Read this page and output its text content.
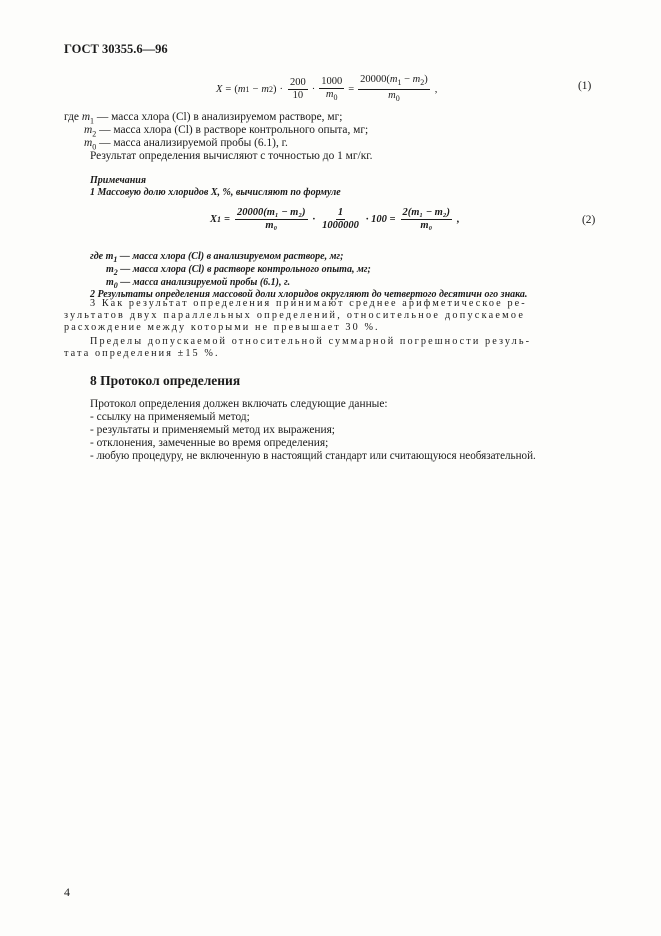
ГОСТ 30355.6—96
X = ( m 1 − m 2 ) · $\frac{200}{10} \cdot \frac{1000}{m_0} = \frac{20000(m_1 - m_2)}{m_0}$ ,	(1)
где $m_1$ — масса хлора (Cl) в анализируемом растворе, мг;
$m_2$ — масса хлора (Cl) в растворе контрольного опыта, мг;
$m_0$ — масса анализируемой пробы (6.1), г.
Результат определения вычисляют с точностью до 1 мг/кг.
Примечания
1 Массовую долю хлоридов X, %, вычисляют по формуле
X $1 = \frac{\text{20000(m₁ − m₂)}}{\text{m₀}} \cdot \frac{1}{1000000} \cdot 100 = \frac{\text{2(m₁ − m₂)}}{\text{m₀}}$ ,	(2)
где $m_1$ — масса хлора (Cl) в анализируемом растворе, мг;
$m_2$ — масса хлора (Cl) в растворе контрольного опыта, мг;
$m_0$ — масса анализируемой пробы (6.1), г.
2 Результаты определения массовой доли хлоридов округляют до четвертого десятичн ого знака.
3 Как результат определения принимают среднее арифметическое ре-
зультатов двух параллельных определений, относительное допускаемое
расхождение между которыми не превышает 30 %.
Пределы допускаемой относительной суммарной погрешности резуль-
тата определения ±15 %.
8 Протокол определения
Протокол определения должен включать следующие данные:
- ссылку на применяемый метод;
- результаты и применяемый метод их выражения;
- отклонения, замеченные во время определения;
- любую процедуру, не включенную в настоящий стандарт или считающуюся необязательной.
4
